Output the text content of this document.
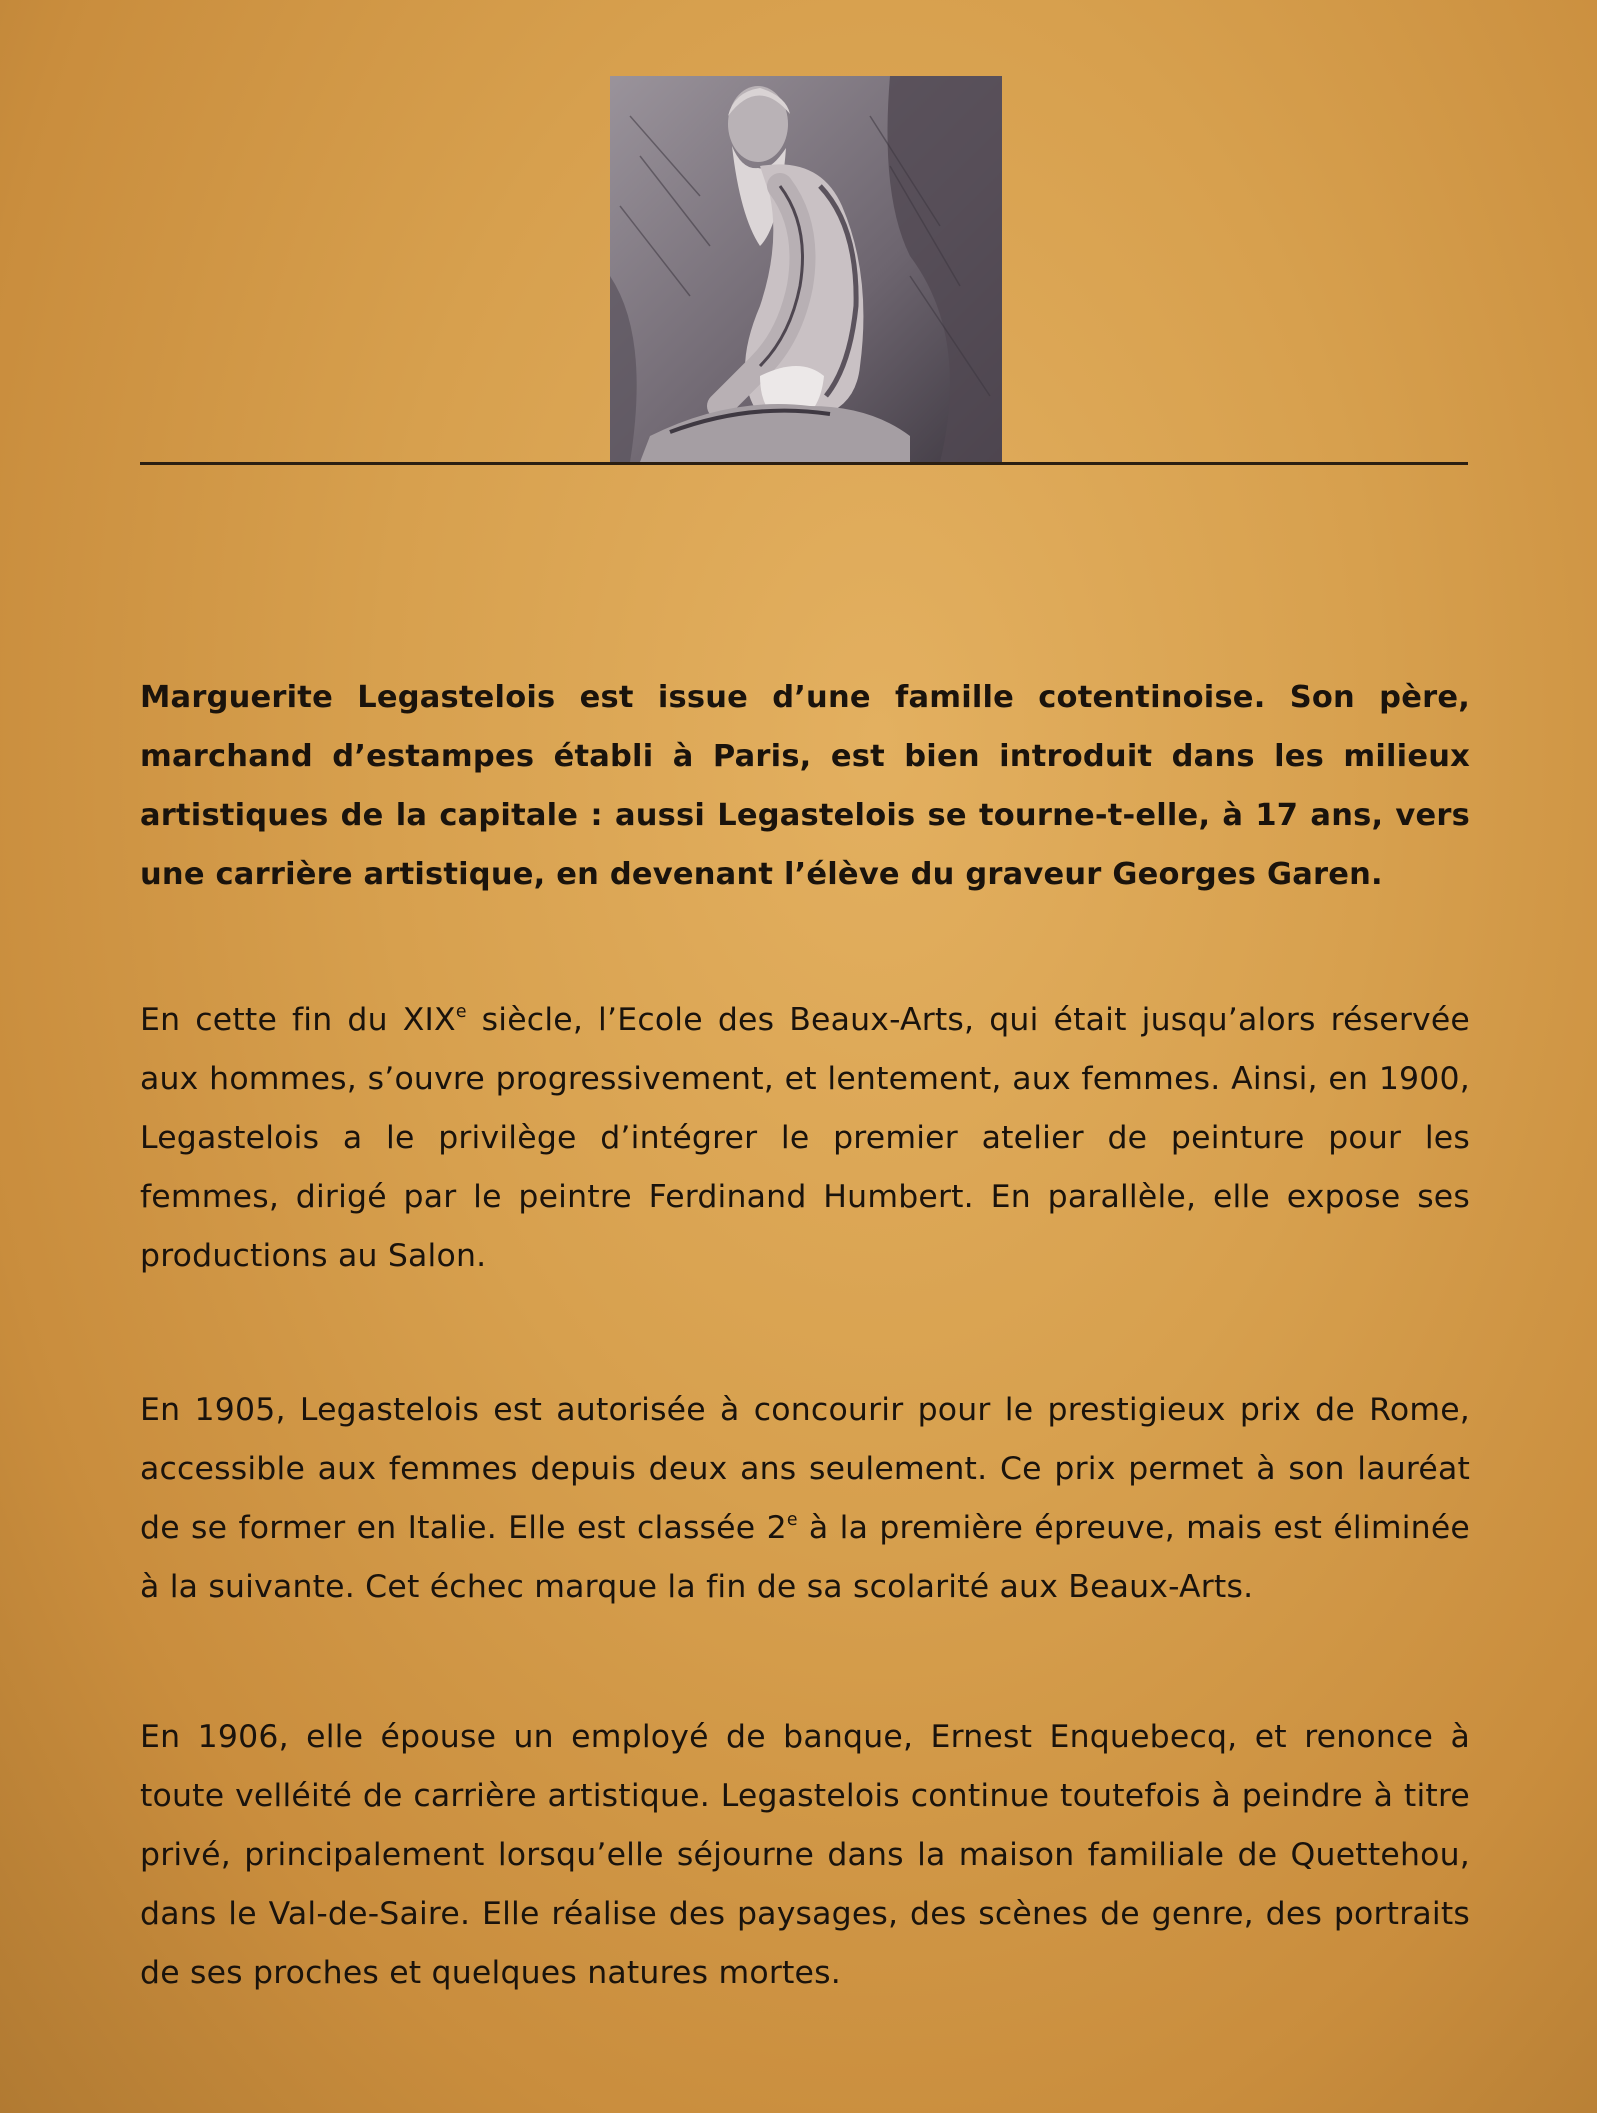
Marguerite Legastelois est issue d’une famille cotentinoise. Son père, marchand d’estampes établi à Paris, est bien introduit dans les milieux artistiques de la capitale : aussi Legastelois se tourne-t-elle, à 17 ans, vers une carrière artistique, en devenant l’élève du graveur Georges Garen.
En cette fin du XIXe siècle, l’Ecole des Beaux-Arts, qui était jusqu’alors réservée aux hommes, s’ouvre progressivement, et lentement, aux femmes. Ainsi, en 1900, Legastelois a le privilège d’intégrer le premier atelier de peinture pour les femmes, dirigé par le peintre Ferdinand Humbert. En parallèle, elle expose ses productions au Salon.
En 1905, Legastelois est autorisée à concourir pour le prestigieux prix de Rome, accessible aux femmes depuis deux ans seulement. Ce prix permet à son lauréat de se former en Italie. Elle est classée 2e à la première épreuve, mais est éliminée à la suivante. Cet échec marque la fin de sa scolarité aux Beaux-Arts.
En 1906, elle épouse un employé de banque, Ernest Enquebecq, et renonce à toute velléité de carrière artistique. Legastelois continue toutefois à peindre à titre privé, principalement lorsqu’elle séjourne dans la maison familiale de Quettehou, dans le Val-de-Saire. Elle réalise des paysages, des scènes de genre, des portraits de ses proches et quelques natures mortes.
